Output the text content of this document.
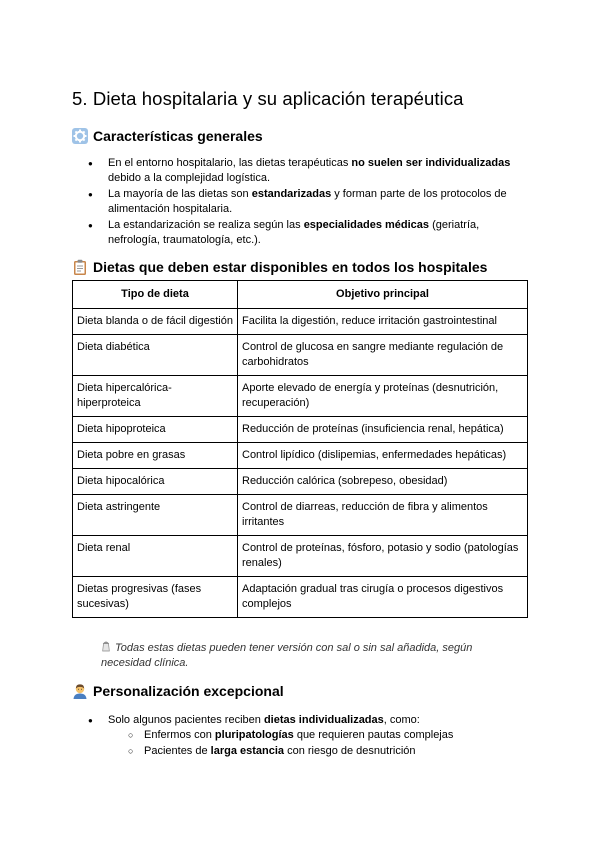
5. Dieta hospitalaria y su aplicación terapéutica
Características generales
● En el entorno hospitalario, las dietas terapéuticas no suelen ser individualizadas debido a la complejidad logística.
● La mayoría de las dietas son estandarizadas y forman parte de los protocolos de alimentación hospitalaria.
● La estandarización se realiza según las especialidades médicas (geriatría, nefrología, traumatología, etc.).
Dietas que deben estar disponibles en todos los hospitales
Tipo de dieta	Objetivo principal
Dieta blanda o de fácil digestión	Facilita la digestión, reduce irritación gastrointestinal
Dieta diabética	Control de glucosa en sangre mediante regulación de carbohidratos
Dieta hipercalórica-hiperproteica	Aporte elevado de energía y proteínas (desnutrición, recuperación)
Dieta hipoproteica	Reducción de proteínas (insuficiencia renal, hepática)
Dieta pobre en grasas	Control lipídico (dislipemias, enfermedades hepáticas)
Dieta hipocalórica	Reducción calórica (sobrepeso, obesidad)
Dieta astringente	Control de diarreas, reducción de fibra y alimentos irritantes
Dieta renal	Control de proteínas, fósforo, potasio y sodio (patologías renales)
Dietas progresivas (fases sucesivas)	Adaptación gradual tras cirugía o procesos digestivos complejos
Todas estas dietas pueden tener versión con sal o sin sal añadida, según necesidad clínica.
Personalización excepcional
● Solo algunos pacientes reciben dietas individualizadas, como:
○ Enfermos con pluripatologías que requieren pautas complejas
○ Pacientes de larga estancia con riesgo de desnutrición
